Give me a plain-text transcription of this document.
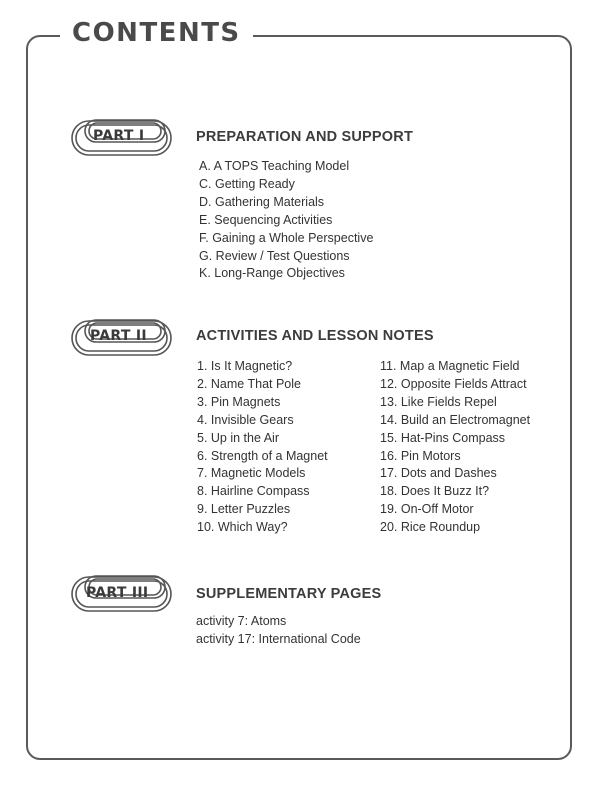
CONTENTS
PART I	PREPARATION AND SUPPORT
A. A TOPS Teaching Model
C. Getting Ready
D. Gathering Materials
E. Sequencing Activities
F. Gaining a Whole Perspective
G. Review / Test Questions
K. Long-Range Objectives
PART II	ACTIVITIES AND LESSON NOTES
1. Is It Magnetic?
2. Name That Pole
3. Pin Magnets
4. Invisible Gears
5. Up in the Air
6. Strength of a Magnet
7. Magnetic Models
8. Hairline Compass
9. Letter Puzzles
10. Which Way?
11. Map a Magnetic Field
12. Opposite Fields Attract
13. Like Fields Repel
14. Build an Electromagnet
15. Hat-Pins Compass
16. Pin Motors
17. Dots and Dashes
18. Does It Buzz It?
19. On-Off Motor
20. Rice Roundup
PART III	SUPPLEMENTARY PAGES
activity 7: Atoms
activity 17: International Code
